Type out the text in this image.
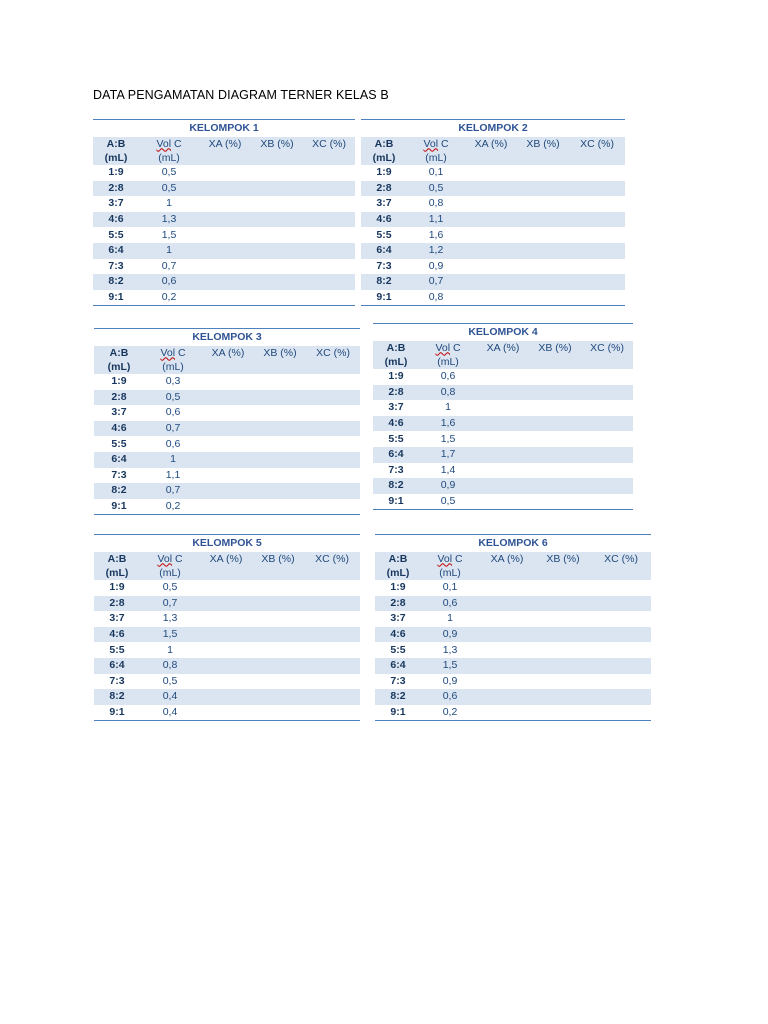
DATA PENGAMATAN DIAGRAM TERNER KELAS B
KELOMPOK 1				
A:B	Vol C	XA (%)	XB (%)	XC (%)
(mL)	(mL)			
1:9	0,5			
2:8	0,5			
3:7	1			
4:6	1,3			
5:5	1,5			
6:4	1			
7:3	0,7			
8:2	0,6			
9:1	0,2			
KELOMPOK 2				
A:B	Vol C	XA (%)	XB (%)	XC (%)
(mL)	(mL)			
1:9	0,1			
2:8	0,5			
3:7	0,8			
4:6	1,1			
5:5	1,6			
6:4	1,2			
7:3	0,9			
8:2	0,7			
9:1	0,8			
KELOMPOK 3				
A:B	Vol C	XA (%)	XB (%)	XC (%)
(mL)	(mL)			
1:9	0,3			
2:8	0,5			
3:7	0,6			
4:6	0,7			
5:5	0,6			
6:4	1			
7:3	1,1			
8:2	0,7			
9:1	0,2			
KELOMPOK 4				
A:B	Vol C	XA (%)	XB (%)	XC (%)
(mL)	(mL)			
1:9	0,6			
2:8	0,8			
3:7	1			
4:6	1,6			
5:5	1,5			
6:4	1,7			
7:3	1,4			
8:2	0,9			
9:1	0,5			
KELOMPOK 5				
A:B	Vol C	XA (%)	XB (%)	XC (%)
(mL)	(mL)			
1:9	0,5			
2:8	0,7			
3:7	1,3			
4:6	1,5			
5:5	1			
6:4	0,8			
7:3	0,5			
8:2	0,4			
9:1	0,4			
KELOMPOK 6				
A:B	Vol C	XA (%)	XB (%)	XC (%)
(mL)	(mL)			
1:9	0,1			
2:8	0,6			
3:7	1			
4:6	0,9			
5:5	1,3			
6:4	1,5			
7:3	0,9			
8:2	0,6			
9:1	0,2			
